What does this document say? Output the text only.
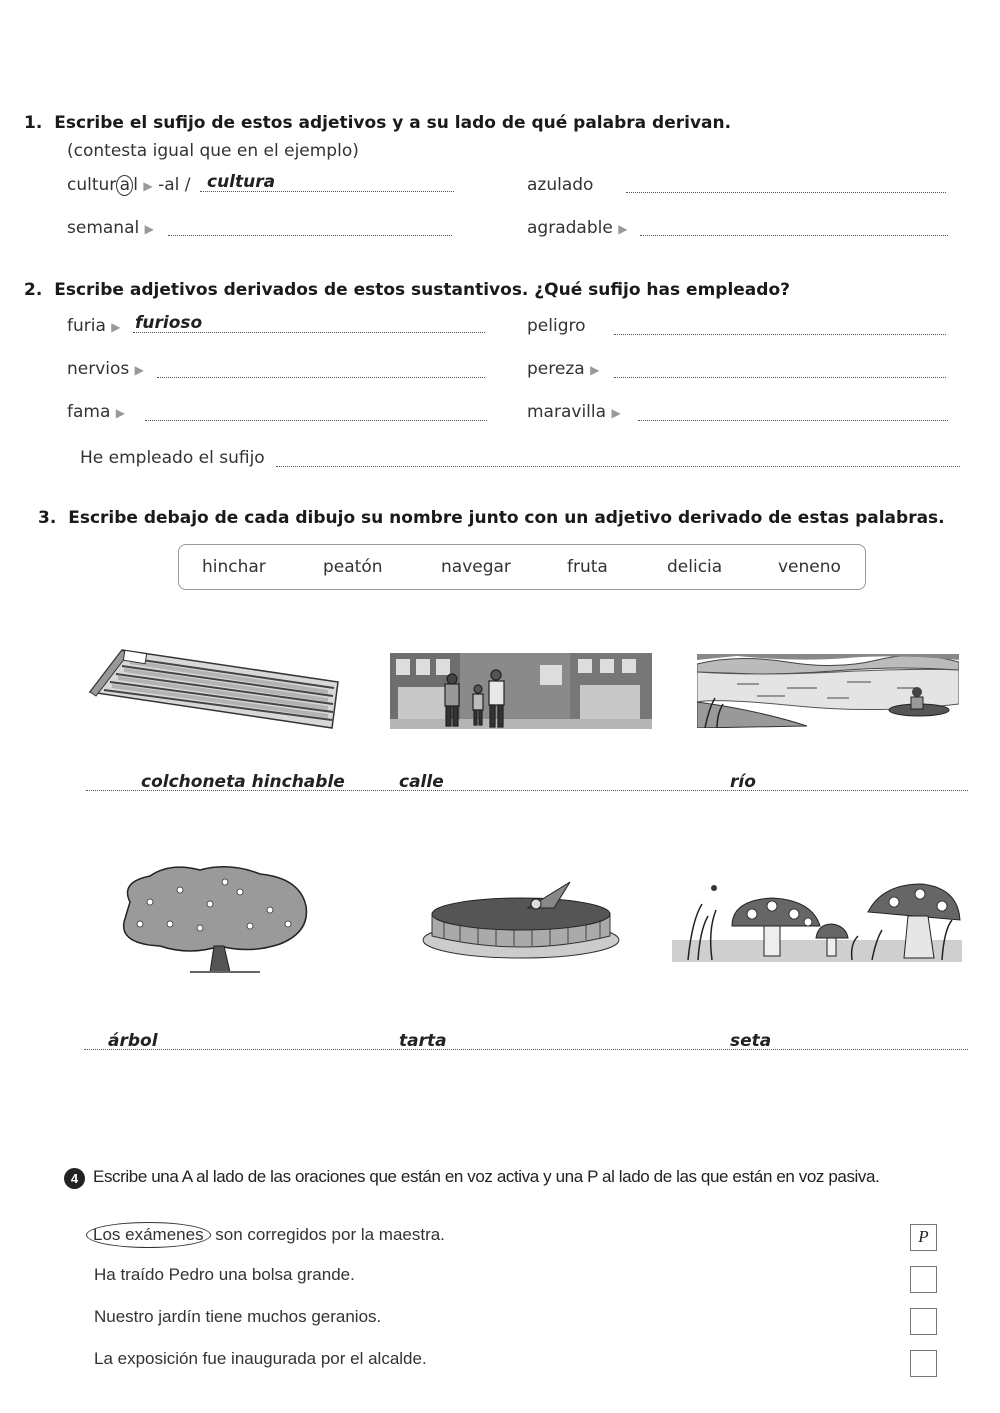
1. Escribe el sufijo de estos adjetivos y a su lado de qué palabra derivan.
(contesta igual que en el ejemplo)
cultur a l ▶ -al / cultura	azulado
semanal ▶	agradable ▶
2. Escribe adjetivos derivados de estos sustantivos. ¿Qué sufijo has empleado?
furia ▶ furioso	peligro
nervios ▶	pereza ▶
fama ▶	maravilla ▶
He empleado el sufijo
3. Escribe debajo de cada dibujo su nombre junto con un adjetivo derivado de estas palabras.
hinchar	peatón	navegar	fruta	delicia	veneno
colchoneta hinchable	calle	río
árbol	tarta	seta
4 Escribe una A al lado de las oraciones que están en voz activa y una P al lado de las que están en voz pasiva.
Los exámenes son corregidos por la maestra.	P
Ha traído Pedro una bolsa grande.
Nuestro jardín tiene muchos geranios.
La exposición fue inaugurada por el alcalde.
